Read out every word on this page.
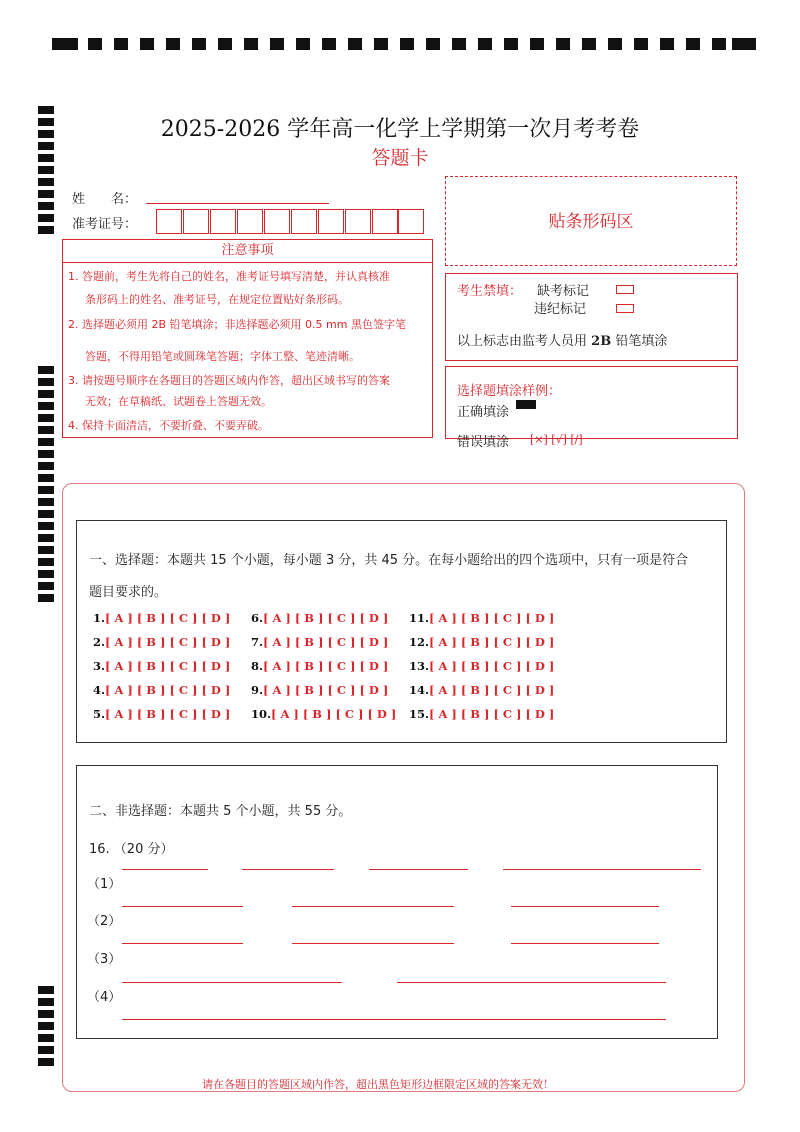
2025-2026 学年高一化学上学期第一次月考考卷
答题卡
姓　　名：
准考证号：
注意事项
1. 答题前，考生先将自己的姓名，准考证号填写清楚，并认真核准
条形码上的姓名、准考证号，在规定位置贴好条形码。
2. 选择题必须用 2B 铅笔填涂；非选择题必须用 0.5 mm 黑色签字笔
答题，不得用铅笔或圆珠笔答题；字体工整、笔迹清晰。
3. 请按题号顺序在各题目的答题区域内作答，超出区域书写的答案
无效；在草稿纸、试题卷上答题无效。
4. 保持卡面清洁，不要折叠、不要弄破。
贴条形码区
考生禁填： 缺考标记
违纪标记
以上标志由监考人员用 2B 铅笔填涂
选择题填涂样例：
正确填涂
错误填涂 [×] [√] [/]
一、选择题：本题共 15 个小题，每小题 3 分，共 45 分。在每小题给出的四个选项中，只有一项是符合
题目要求的。
1.[ A ] [ B ] [ C ] [ D ]
2.[ A ] [ B ] [ C ] [ D ]
3.[ A ] [ B ] [ C ] [ D ]
4.[ A ] [ B ] [ C ] [ D ]
5.[ A ] [ B ] [ C ] [ D ]
6.[ A ] [ B ] [ C ] [ D ]
7.[ A ] [ B ] [ C ] [ D ]
8.[ A ] [ B ] [ C ] [ D ]
9.[ A ] [ B ] [ C ] [ D ]
10.[ A ] [ B ] [ C ] [ D ]
11.[ A ] [ B ] [ C ] [ D ]
12.[ A ] [ B ] [ C ] [ D ]
13.[ A ] [ B ] [ C ] [ D ]
14.[ A ] [ B ] [ C ] [ D ]
15.[ A ] [ B ] [ C ] [ D ]
二、非选择题：本题共 5 个小题，共 55 分。
16. （20 分）
（1）
（2）
（3）
（4）
请在各题目的答题区域内作答，超出黑色矩形边框限定区域的答案无效！
